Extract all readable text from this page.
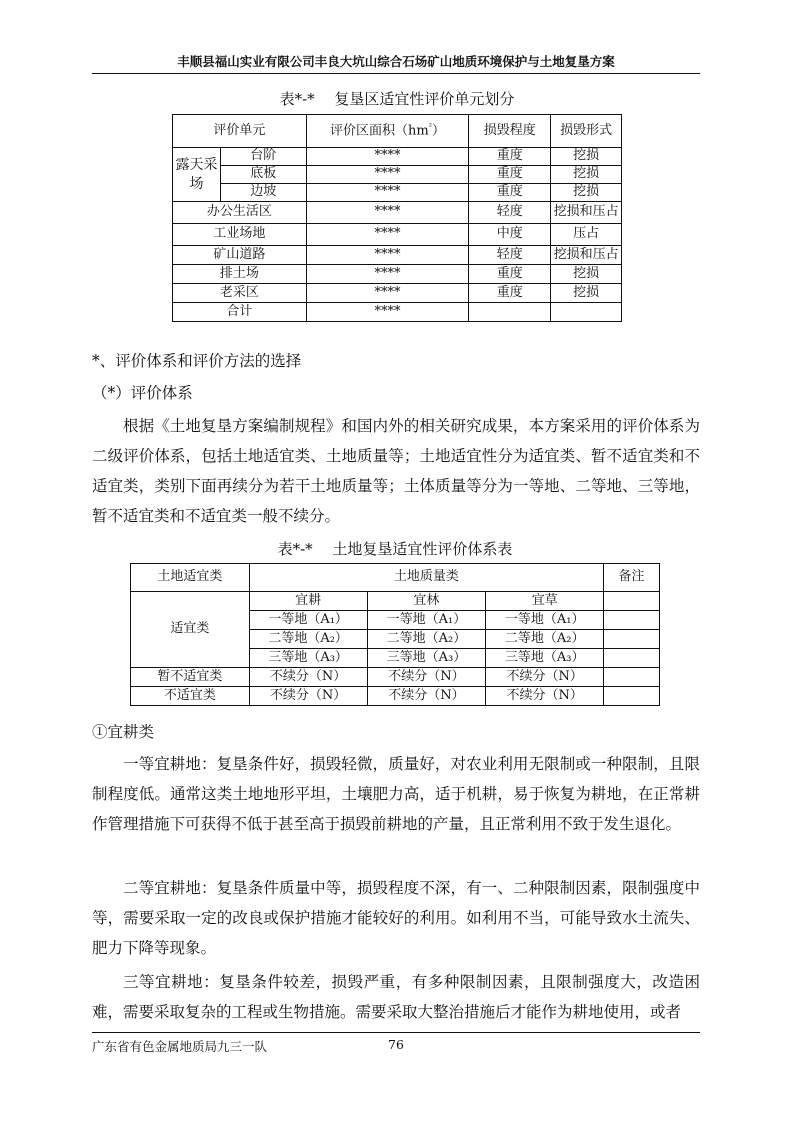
丰顺县福山实业有限公司丰良大坑山综合石场矿山地质环境保护与土地复垦方案
表*-*　 复垦区适宜性评价单元划分
评价单元		评价区面积$(hm^{^2})$	损毁程度	损毁形式
露天采场	台阶	****	重度	挖损
	底板	****	重度	挖损
	边坡	****	重度	挖损
办公生活区		****	轻度	挖损和压占
工业场地		****	中度	压占
矿山道路		****	轻度	挖损和压占
排土场		****	重度	挖损
老采区		****	重度	挖损
合计		****		

*、评价体系和评价方法的选择

（*）评价体系

根据《土地复垦方案编制规程》和国内外的相关研究成果，本方案采用的评价体系为二级评价体系，包括土地适宜类、土地质量等；土地适宜性分为适宜类、暂不适宜类和不适宜类，类别下面再续分为若干土地质量等；土体质量等分为一等地、二等地、三等地，暂不适宜类和不适宜类一般不续分。

表*-*　 土地复垦适宜性评价体系表
土地适宜类	土地质量类			备注
适宜类	宜耕	宜林	宜草	
	一等地（A₁）	一等地（A₁）	一等地（A₁）	
	二等地（A₂）	二等地（A₂）	二等地（A₂）	
	三等地（A₃）	三等地（A₃）	三等地（A₃）	
暂不适宜类	不续分（N）	不续分（N）	不续分（N）	
不适宜类	不续分（N）	不续分（N）	不续分（N）	

①宜耕类

一等宜耕地：复垦条件好，损毁轻微，质量好，对农业利用无限制或一种限制，且限制程度低。通常这类土地地形平坦，土壤肥力高，适于机耕，易于恢复为耕地，在正常耕作管理措施下可获得不低于甚至高于损毁前耕地的产量，且正常利用不致于发生退化。

二等宜耕地：复垦条件质量中等，损毁程度不深，有一、二种限制因素，限制强度中等，需要采取一定的改良或保护措施才能较好的利用。如利用不当，可能导致水土流失、肥力下降等现象。

三等宜耕地：复垦条件较差，损毁严重，有多种限制因素，且限制强度大，改造困难，需要采取复杂的工程或生物措施。需要采取大整治措施后才能作为耕地使用，或者

广东省有色金属地质局九三一队	76
